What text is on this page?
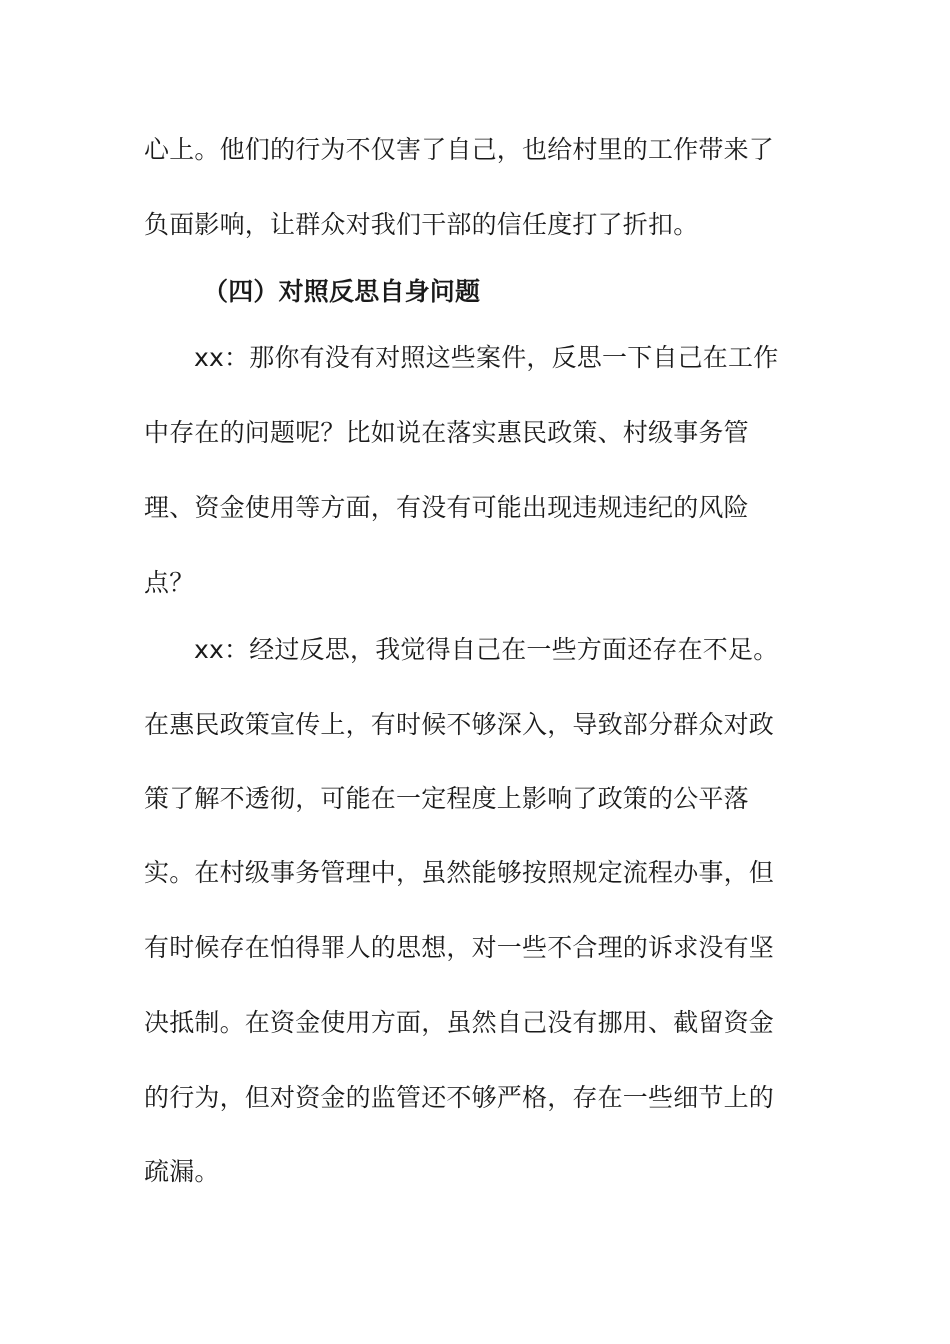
心上。他们的行为不仅害了自己，也给村里的工作带来了
负面影响，让群众对我们干部的信任度打了折扣。
（四）对照反思自身问题
xx：那你有没有对照这些案件，反思一下自己在工作
中存在的问题呢？比如说在落实惠民政策、村级事务管
理、资金使用等方面，有没有可能出现违规违纪的风险
点？
xx：经过反思，我觉得自己在一些方面还存在不足。
在惠民政策宣传上，有时候不够深入，导致部分群众对政
策了解不透彻，可能在一定程度上影响了政策的公平落
实。在村级事务管理中，虽然能够按照规定流程办事，但
有时候存在怕得罪人的思想，对一些不合理的诉求没有坚
决抵制。在资金使用方面，虽然自己没有挪用、截留资金
的行为，但对资金的监管还不够严格，存在一些细节上的
疏漏。
